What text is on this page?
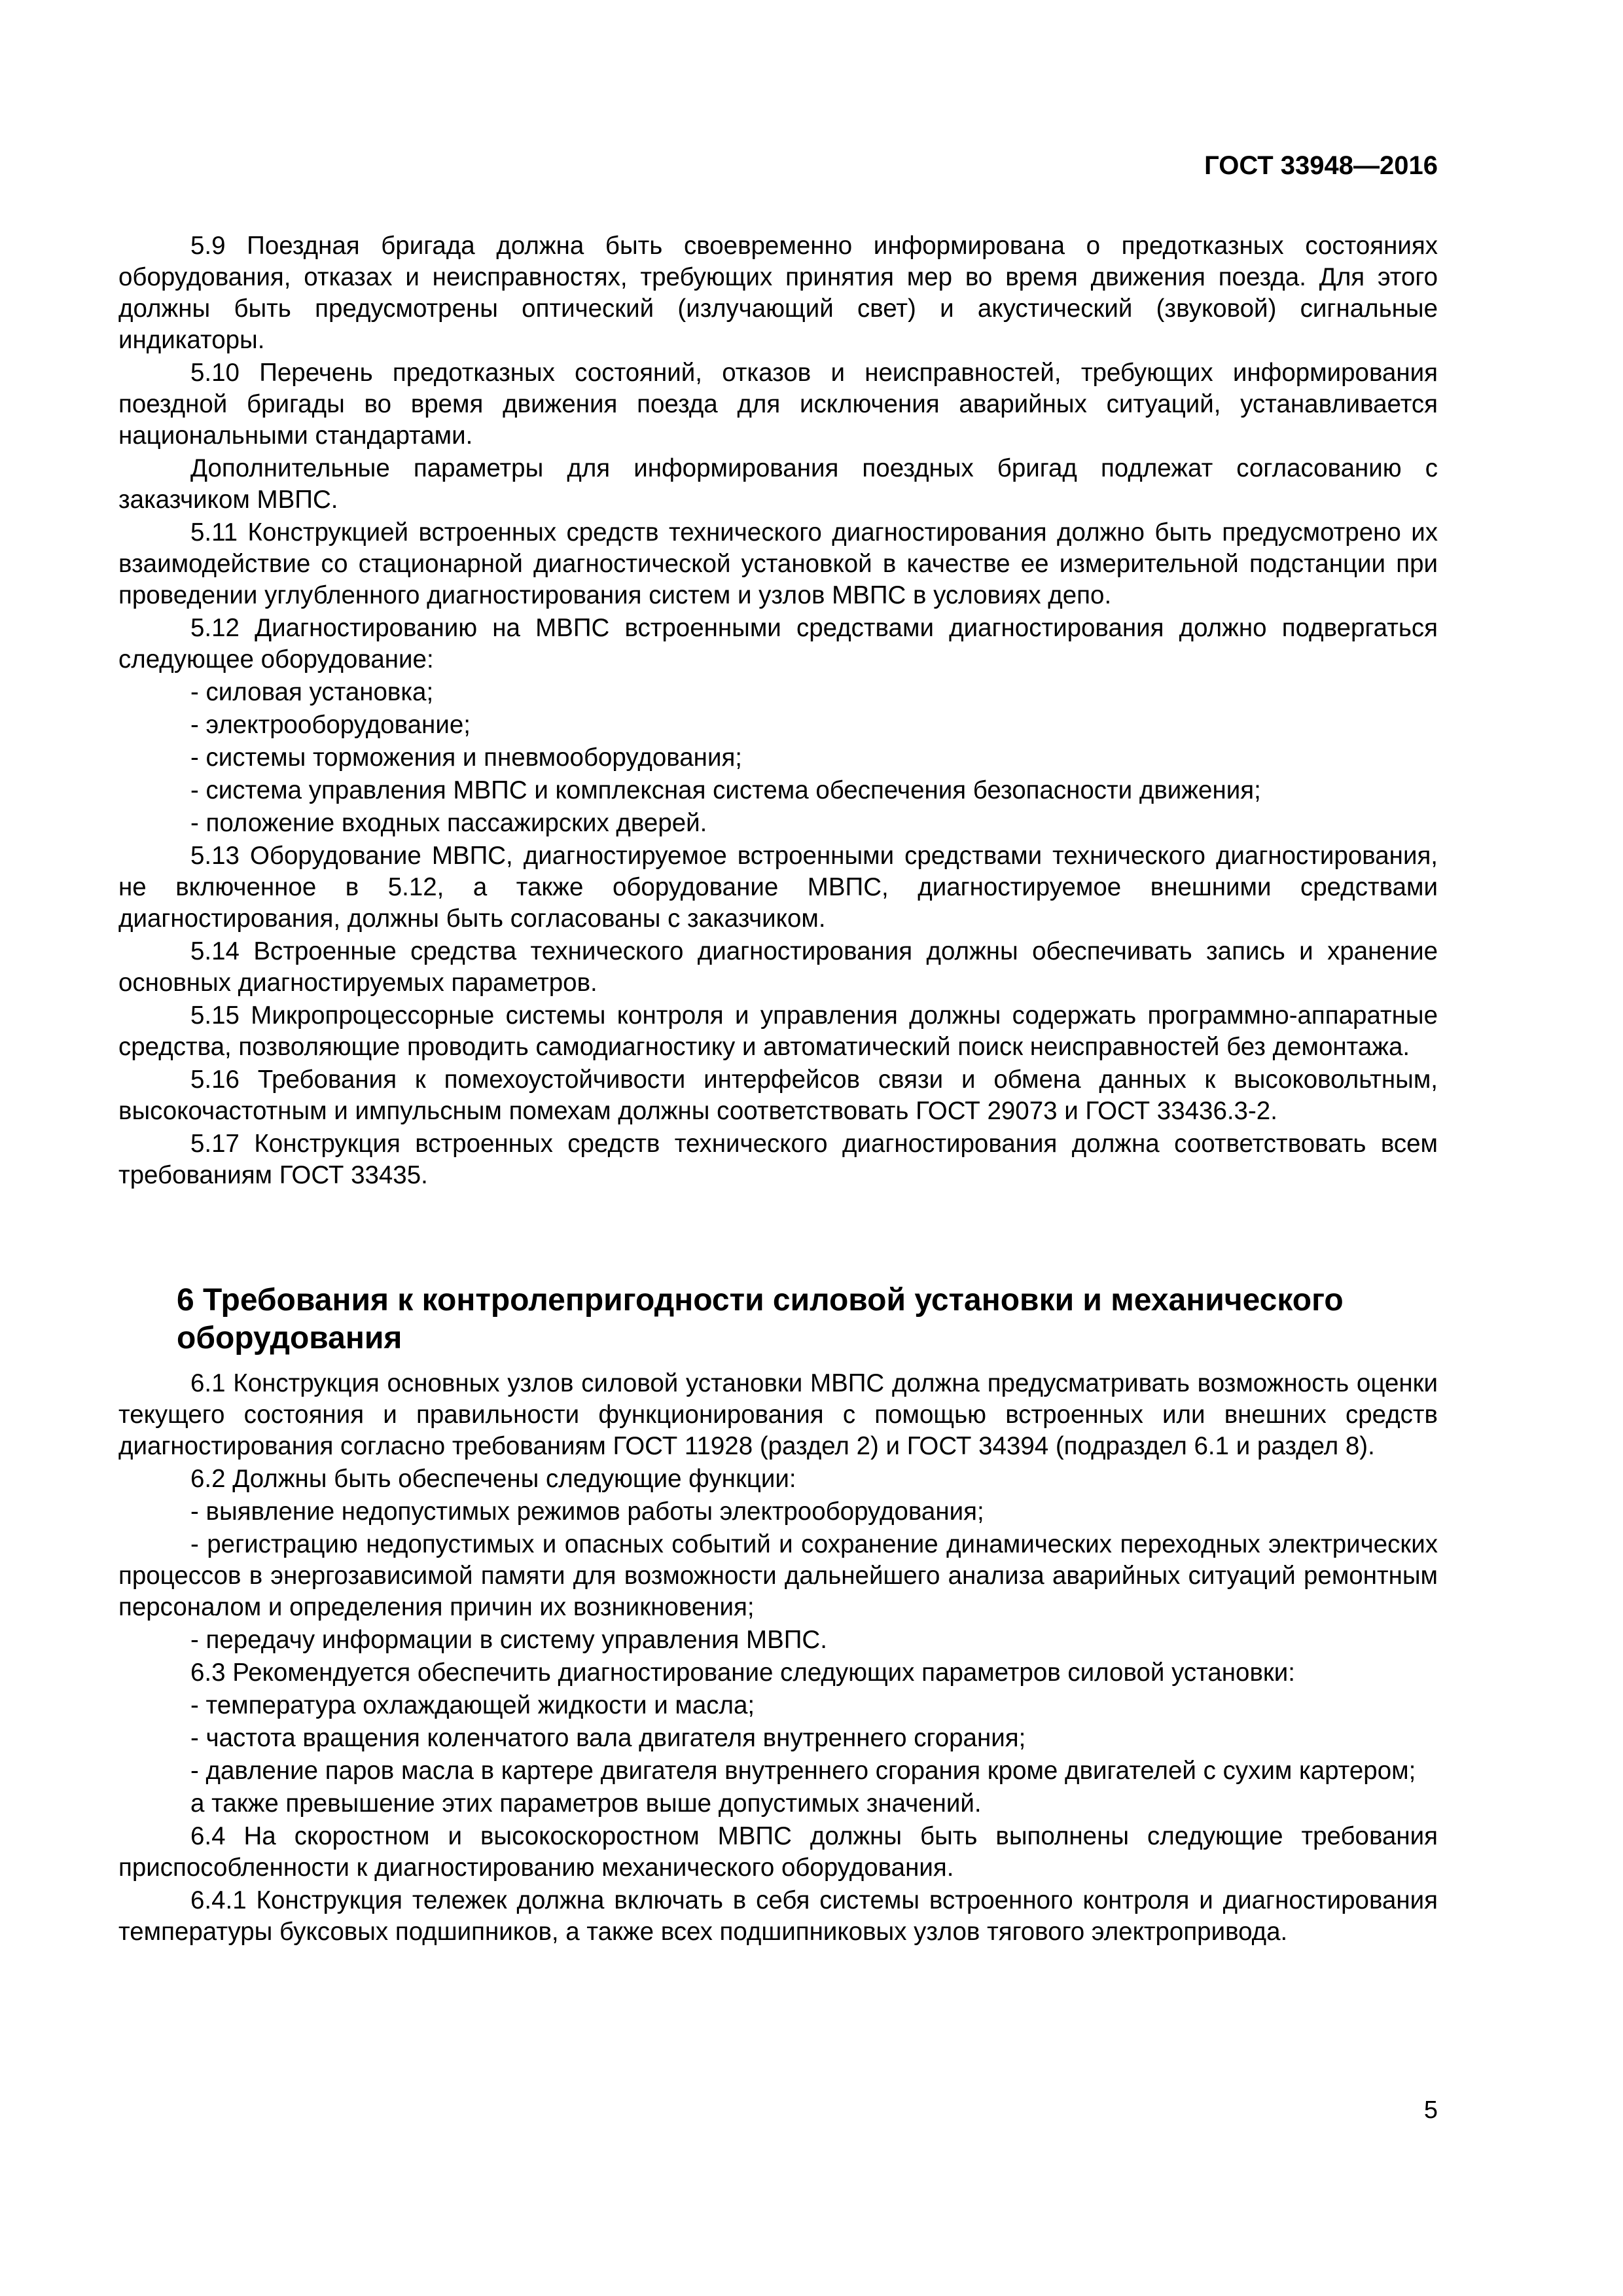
ГОСТ 33948—2016

5.9 Поездная бригада должна быть своевременно информирована о предотказных состояниях оборудования, отказах и неисправностях, требующих принятия мер во время движения поезда. Для этого должны быть предусмотрены оптический (излучающий свет) и акустический (звуковой) сигнальные индикаторы.

5.10 Перечень предотказных состояний, отказов и неисправностей, требующих информирования поездной бригады во время движения поезда для исключения аварийных ситуаций, устанавливается национальными стандартами.

Дополнительные параметры для информирования поездных бригад подлежат согласованию с заказчиком МВПС.

5.11 Конструкцией встроенных средств технического диагностирования должно быть предусмотрено их взаимодействие со стационарной диагностической установкой в качестве ее измерительной подстанции при проведении углубленного диагностирования систем и узлов МВПС в условиях депо.

5.12 Диагностированию на МВПС встроенными средствами диагностирования должно подвергаться следующее оборудование:

- силовая установка;

- электрооборудование;

- системы торможения и пневмооборудования;

- система управления МВПС и комплексная система обеспечения безопасности движения;

- положение входных пассажирских дверей.

5.13 Оборудование МВПС, диагностируемое встроенными средствами технического диагностирования, не включенное в 5.12, а также оборудование МВПС, диагностируемое внешними средствами диагностирования, должны быть согласованы с заказчиком.

5.14 Встроенные средства технического диагностирования должны обеспечивать запись и хранение основных диагностируемых параметров.

5.15 Микропроцессорные системы контроля и управления должны содержать программно-аппаратные средства, позволяющие проводить самодиагностику и автоматический поиск неисправностей без демонтажа.

5.16 Требования к помехоустойчивости интерфейсов связи и обмена данных к высоковольтным, высокочастотным и импульсным помехам должны соответствовать ГОСТ 29073 и ГОСТ 33436.3-2.

5.17 Конструкция встроенных средств технического диагностирования должна соответствовать всем требованиям ГОСТ 33435.

6 Требования к контролепригодности силовой установки и механического оборудования

6.1 Конструкция основных узлов силовой установки МВПС должна предусматривать возможность оценки текущего состояния и правильности функционирования с помощью встроенных или внешних средств диагностирования согласно требованиям ГОСТ 11928 (раздел 2) и ГОСТ 34394 (подраздел 6.1 и раздел 8).

6.2 Должны быть обеспечены следующие функции:

- выявление недопустимых режимов работы электрооборудования;

- регистрацию недопустимых и опасных событий и сохранение динамических переходных электрических процессов в энергозависимой памяти для возможности дальнейшего анализа аварийных ситуаций ремонтным персоналом и определения причин их возникновения;

- передачу информации в систему управления МВПС.

6.3 Рекомендуется обеспечить диагностирование следующих параметров силовой установки:

- температура охлаждающей жидкости и масла;

- частота вращения коленчатого вала двигателя внутреннего сгорания;

- давление паров масла в картере двигателя внутреннего сгорания кроме двигателей с сухим картером;

а также превышение этих параметров выше допустимых значений.

6.4 На скоростном и высокоскоростном МВПС должны быть выполнены следующие требования приспособленности к диагностированию механического оборудования.

6.4.1 Конструкция тележек должна включать в себя системы встроенного контроля и диагностирования температуры буксовых подшипников, а также всех подшипниковых узлов тягового электропривода.

5
